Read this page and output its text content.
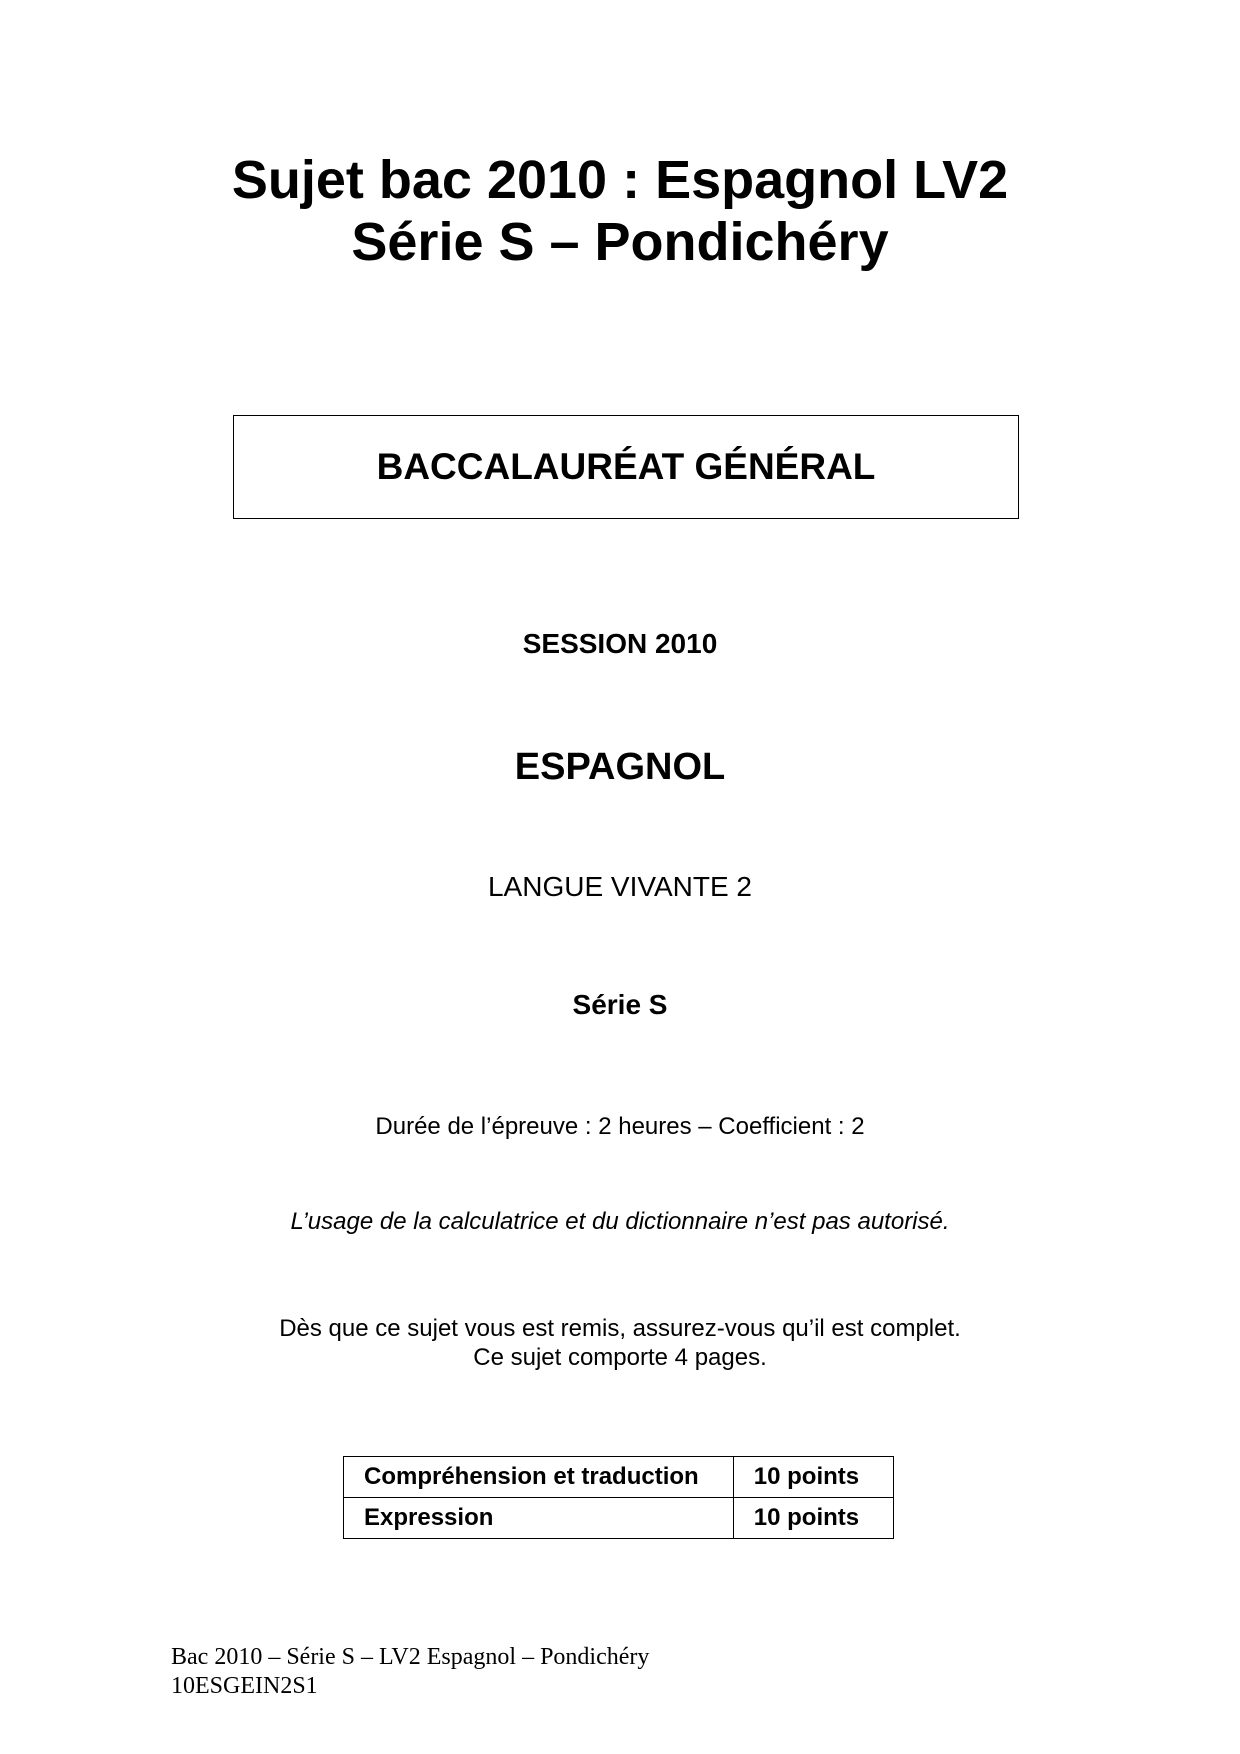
Sujet bac 2010 : Espagnol LV2
Série S – Pondichéry
BACCALAURÉAT GÉNÉRAL
SESSION 2010
ESPAGNOL
LANGUE VIVANTE 2
Série S
Durée de l’épreuve : 2 heures – Coefficient : 2
L’usage de la calculatrice et du dictionnaire n’est pas autorisé.
Dès que ce sujet vous est remis, assurez-vous qu’il est complet.
Ce sujet comporte 4 pages.
Compréhension et traduction	10 points
Expression	10 points
Bac 2010 – Série S – LV2 Espagnol – Pondichéry
10ESGEIN2S1
